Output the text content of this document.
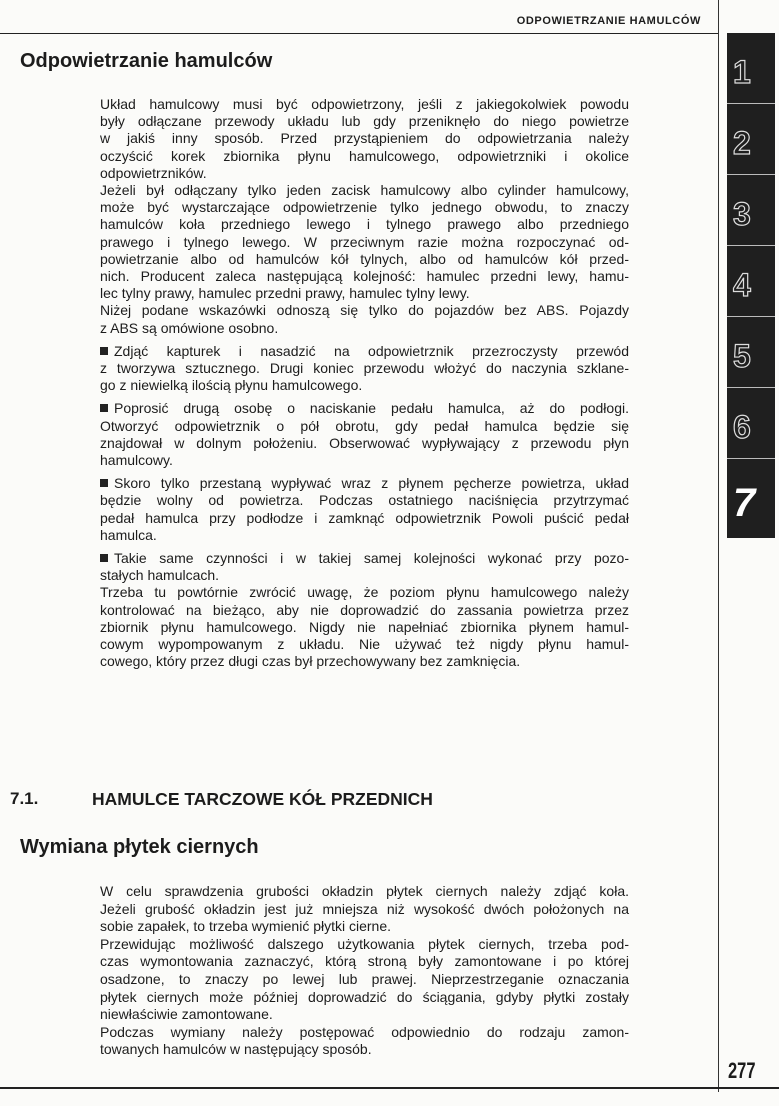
ODPOWIETRZANIE HAMULCÓW
1
2
3
4
5
6
7
Odpowietrzanie hamulców
Układ hamulcowy musi być odpowietrzony, jeśli z jakiegokolwiek powodu
były odłączane przewody układu lub gdy przeniknęło do niego powietrze
w jakiś inny sposób. Przed przystąpieniem do odpowietrzania należy
oczyścić korek zbiornika płynu hamulcowego, odpowietrzniki i okolice
odpowietrzników.
Jeżeli był odłączany tylko jeden zacisk hamulcowy albo cylinder hamulcowy,
może być wystarczające odpowietrzenie tylko jednego obwodu, to znaczy
hamulców koła przedniego lewego i tylnego prawego albo przedniego
prawego i tylnego lewego. W przeciwnym razie można rozpoczynać od-
powietrzanie albo od hamulców kół tylnych, albo od hamulców kół przed-
nich. Producent zaleca następującą kolejność: hamulec przedni lewy, hamu-
lec tylny prawy, hamulec przedni prawy, hamulec tylny lewy.
Niżej podane wskazówki odnoszą się tylko do pojazdów bez ABS. Pojazdy
z ABS są omówione osobno.
Zdjąć kapturek i nasadzić na odpowietrznik przezroczysty przewód
z tworzywa sztucznego. Drugi koniec przewodu włożyć do naczynia szklane-
go z niewielką ilością płynu hamulcowego.
Poprosić drugą osobę o naciskanie pedału hamulca, aż do podłogi.
Otworzyć odpowietrznik o pół obrotu, gdy pedał hamulca będzie się
znajdował w dolnym położeniu. Obserwować wypływający z przewodu płyn
hamulcowy.
Skoro tylko przestaną wypływać wraz z płynem pęcherze powietrza, układ
będzie wolny od powietrza. Podczas ostatniego naciśnięcia przytrzymać
pedał hamulca przy podłodze i zamknąć odpowietrznik Powoli puścić pedał
hamulca.
Takie same czynności i w takiej samej kolejności wykonać przy pozo-
stałych hamulcach.
Trzeba tu powtórnie zwrócić uwagę, że poziom płynu hamulcowego należy
kontrolować na bieżąco, aby nie doprowadzić do zassania powietrza przez
zbiornik płynu hamulcowego. Nigdy nie napełniać zbiornika płynem hamul-
cowym wypompowanym z układu. Nie używać też nigdy płynu hamul-
cowego, który przez długi czas był przechowywany bez zamknięcia.
7.1.	HAMULCE TARCZOWE KÓŁ PRZEDNICH
Wymiana płytek ciernych
W celu sprawdzenia grubości okładzin płytek ciernych należy zdjąć koła.
Jeżeli grubość okładzin jest już mniejsza niż wysokość dwóch położonych na
sobie zapałek, to trzeba wymienić płytki cierne.
Przewidując możliwość dalszego użytkowania płytek ciernych, trzeba pod-
czas wymontowania zaznaczyć, którą stroną były zamontowane i po której
osadzone, to znaczy po lewej lub prawej. Nieprzestrzeganie oznaczania
płytek ciernych może później doprowadzić do ściągania, gdyby płytki zostały
niewłaściwie zamontowane.
Podczas wymiany należy postępować odpowiednio do rodzaju zamon-
towanych hamulców w następujący sposób.
277
